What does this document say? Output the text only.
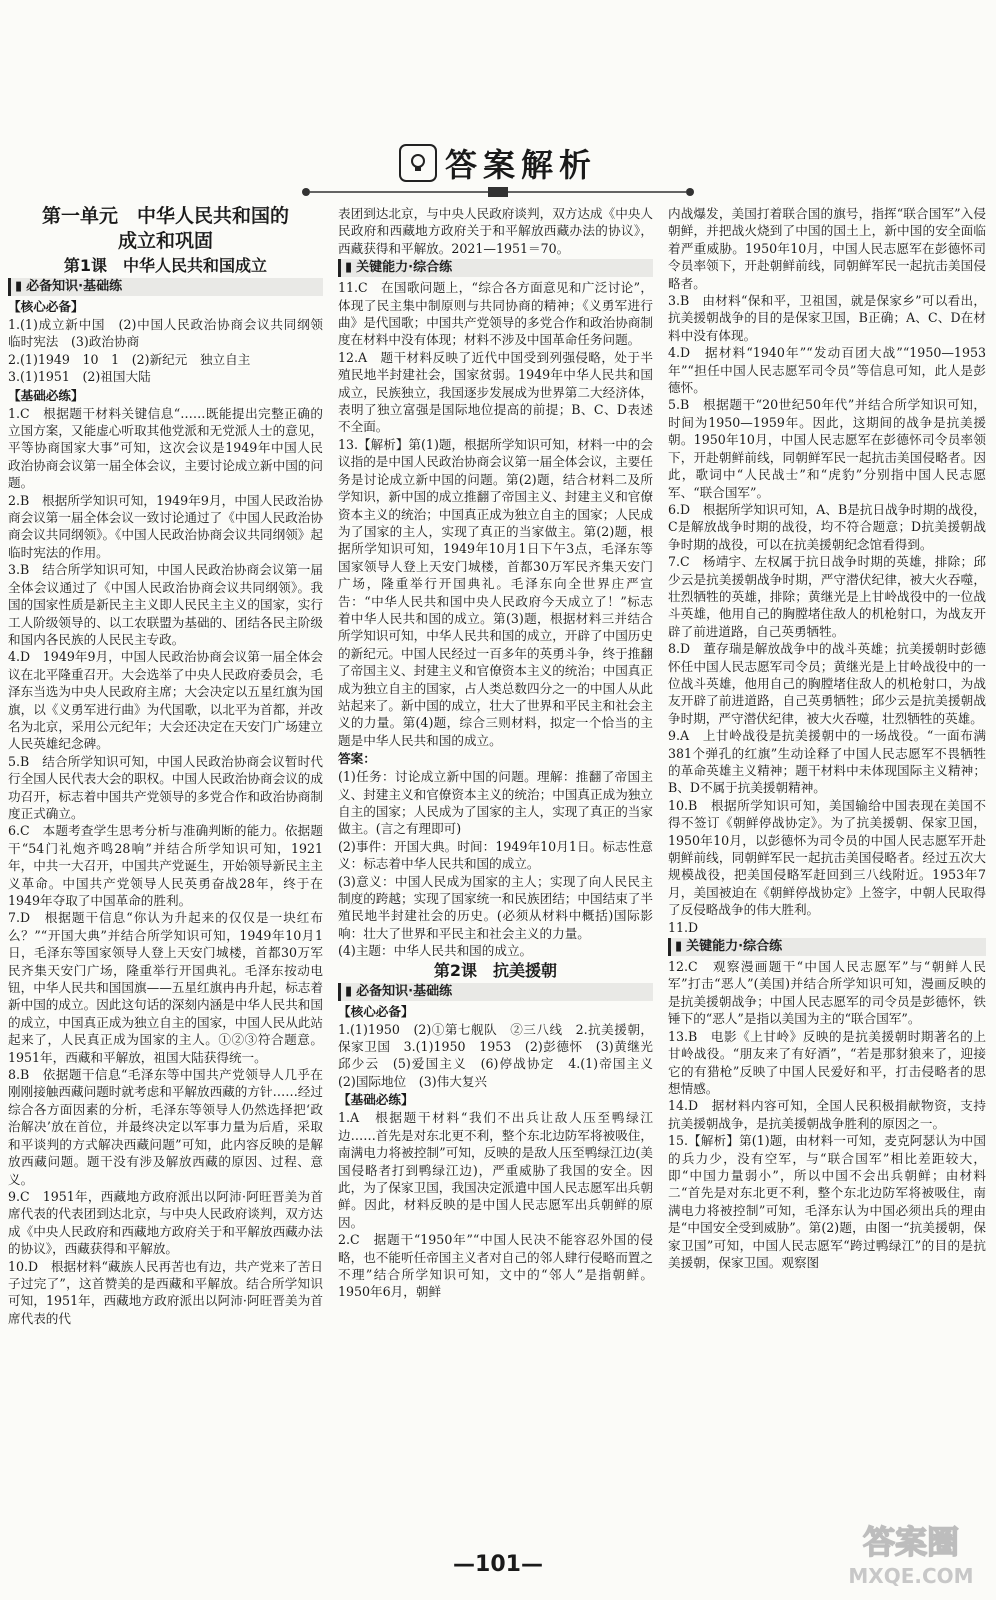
答案解析

第一单元　中华人民共和国的

成立和巩固

第1课　中华人民共和国成立

▮ 必备知识·基础练

【核心必备】

1.(1)成立新中国　(2)中国人民政治协商会议共同纲领　临时宪法　(3)政治协商

2.(1)1949　10　1　(2)新纪元　独立自主

3.(1)1951　(2)祖国大陆

【基础必练】

1.C　根据题干材料关键信息“……既能提出完整正确的立国方案，又能虚心听取其他党派和无党派人士的意见，平等协商国家大事”可知，这次会议是1949年中国人民政治协商会议第一届全体会议，主要讨论成立新中国的问题。

2.B　根据所学知识可知，1949年9月，中国人民政治协商会议第一届全体会议一致讨论通过了《中国人民政治协商会议共同纲领》。《中国人民政治协商会议共同纲领》起临时宪法的作用。

3.B　结合所学知识可知，中国人民政治协商会议第一届全体会议通过了《中国人民政治协商会议共同纲领》。我国的国家性质是新民主主义即人民民主主义的国家，实行工人阶级领导的、以工农联盟为基础的、团结各民主阶级和国内各民族的人民民主专政。

4.D　1949年9月，中国人民政治协商会议第一届全体会议在北平隆重召开。大会选举了中央人民政府委员会，毛泽东当选为中央人民政府主席；大会决定以五星红旗为国旗，以《义勇军进行曲》为代国歌，以北平为首都，并改名为北京，采用公元纪年；大会还决定在天安门广场建立人民英雄纪念碑。

5.B　结合所学知识可知，中国人民政治协商会议暂时代行全国人民代表大会的职权。中国人民政治协商会议的成功召开，标志着中国共产党领导的多党合作和政治协商制度正式确立。

6.C　本题考查学生思考分析与准确判断的能力。依据题干“54门礼炮齐鸣28响”并结合所学知识可知，1921年，中共一大召开，中国共产党诞生，开始领导新民主主义革命。中国共产党领导人民英勇奋战28年，终于在1949年夺取了中国革命的胜利。

7.D　根据题干信息“你认为升起来的仅仅是一块红布么？”“开国大典”并结合所学知识可知，1949年10月1日，毛泽东等国家领导人登上天安门城楼，首都30万军民齐集天安门广场，隆重举行开国典礼。毛泽东按动电钮，中华人民共和国国旗——五星红旗冉冉升起，标志着新中国的成立。因此这句话的深刻内涵是中华人民共和国的成立，中国真正成为独立自主的国家，中国人民从此站起来了，人民真正成为国家的主人。①②③符合题意。1951年，西藏和平解放，祖国大陆获得统一。

8.B　依据题干信息“毛泽东等中国共产党领导人几乎在刚刚接触西藏问题时就考虑和平解放西藏的方针……经过综合各方面因素的分析，毛泽东等领导人仍然选择把‘政治解决’放在首位，并最终决定以军事力量为后盾，采取和平谈判的方式解决西藏问题”可知，此内容反映的是解放西藏问题。题干没有涉及解放西藏的原因、过程、意义。

9.C　1951年，西藏地方政府派出以阿沛·阿旺晋美为首席代表的代表团到达北京，与中央人民政府谈判，双方达成《中央人民政府和西藏地方政府关于和平解放西藏办法的协议》，西藏获得和平解放。

10.D　根据材料“藏族人民再苦也有边，共产党来了苦日子过完了”，这首赞美的是西藏和平解放。结合所学知识可知，1951年，西藏地方政府派出以阿沛·阿旺晋美为首席代表的代

表团到达北京，与中央人民政府谈判，双方达成《中央人民政府和西藏地方政府关于和平解放西藏办法的协议》，西藏获得和平解放。2021—1951＝70。

▮ 关键能力·综合练

11.C　在国歌问题上，“综合各方面意见和广泛讨论”，体现了民主集中制原则与共同协商的精神；《义勇军进行曲》是代国歌；中国共产党领导的多党合作和政治协商制度在材料中没有体现；材料不涉及中国革命任务问题。

12.A　题干材料反映了近代中国受到列强侵略，处于半殖民地半封建社会，国家贫弱。1949年中华人民共和国成立，民族独立，我国逐步发展成为世界第二大经济体，表明了独立富强是国际地位提高的前提；B、C、D表述不全面。

13.【解析】第(1)题，根据所学知识可知，材料一中的会议指的是中国人民政治协商会议第一届全体会议，主要任务是讨论成立新中国的问题。第(2)题，结合材料二及所学知识，新中国的成立推翻了帝国主义、封建主义和官僚资本主义的统治；中国真正成为独立自主的国家；人民成为了国家的主人，实现了真正的当家做主。第(2)题，根据所学知识可知，1949年10月1日下午3点，毛泽东等国家领导人登上天安门城楼，首都30万军民齐集天安门广场，隆重举行开国典礼。毛泽东向全世界庄严宣告：“中华人民共和国中央人民政府今天成立了！”标志着中华人民共和国的成立。第(3)题，根据材料三并结合所学知识可知，中华人民共和国的成立，开辟了中国历史的新纪元。中国人民经过一百多年的英勇斗争，终于推翻了帝国主义、封建主义和官僚资本主义的统治；中国真正成为独立自主的国家，占人类总数四分之一的中国人从此站起来了。新中国的成立，壮大了世界和平民主和社会主义的力量。第(4)题，综合三则材料，拟定一个恰当的主题是中华人民共和国的成立。

答案：

(1)任务：讨论成立新中国的问题。理解：推翻了帝国主义、封建主义和官僚资本主义的统治；中国真正成为独立自主的国家；人民成为了国家的主人，实现了真正的当家做主。(言之有理即可)

(2)事件：开国大典。时间：1949年10月1日。标志性意义：标志着中华人民共和国的成立。

(3)意义：中国人民成为国家的主人；实现了向人民民主制度的跨越；实现了国家统一和民族团结；中国结束了半殖民地半封建社会的历史。(必须从材料中概括)国际影响：壮大了世界和平民主和社会主义的力量。

(4)主题：中华人民共和国的成立。

第2课　抗美援朝

▮ 必备知识·基础练

【核心必备】

1.(1)1950　(2)①第七舰队　②三八线　2.抗美援朝，保家卫国　3.(1)1950　1953　(2)彭德怀　(3)黄继光　邱少云　(5)爱国主义　(6)停战协定　4.(1)帝国主义　(2)国际地位　(3)伟大复兴

【基础必练】

1.A　根据题干材料“我们不出兵让敌人压至鸭绿江边……首先是对东北更不利，整个东北边防军将被吸住，南满电力将被控制”可知，反映的是敌人压至鸭绿江边(美国侵略者打到鸭绿江边)，严重威胁了我国的安全。因此，为了保家卫国，我国决定派遣中国人民志愿军出兵朝鲜。因此，材料反映的是中国人民志愿军出兵朝鲜的原因。

2.C　据题干“1950年”“中国人民决不能容忍外国的侵略，也不能听任帝国主义者对自己的邻人肆行侵略而置之不理”结合所学知识可知，文中的“邻人”是指朝鲜。1950年6月，朝鲜

内战爆发，美国打着联合国的旗号，指挥“联合国军”入侵朝鲜，并把战火烧到了中国的国土上，新中国的安全面临着严重威胁。1950年10月，中国人民志愿军在彭德怀司令员率领下，开赴朝鲜前线，同朝鲜军民一起抗击美国侵略者。

3.B　由材料“保和平，卫祖国，就是保家乡”可以看出，抗美援朝战争的目的是保家卫国，B正确；A、C、D在材料中没有体现。

4.D　据材料“1940年”“发动百团大战”“1950—1953年”“担任中国人民志愿军司令员”等信息可知，此人是彭德怀。

5.B　根据题干“20世纪50年代”并结合所学知识可知，时间为1950—1959年。因此，这期间的战争是抗美援朝。1950年10月，中国人民志愿军在彭德怀司令员率领下，开赴朝鲜前线，同朝鲜军民一起抗击美国侵略者。因此，歌词中“人民战士”和“虎豹”分别指中国人民志愿军、“联合国军”。

6.D　根据所学知识可知，A、B是抗日战争时期的战役，C是解放战争时期的战役，均不符合题意；D抗美援朝战争时期的战役，可以在抗美援朝纪念馆看得到。

7.C　杨靖宇、左权属于抗日战争时期的英雄，排除；邱少云是抗美援朝战争时期，严守潜伏纪律，被大火吞噬，壮烈牺牲的英雄，排除；黄继光是上甘岭战役中的一位战斗英雄，他用自己的胸膛堵住敌人的机枪射口，为战友开辟了前进道路，自己英勇牺牲。

8.D　董存瑞是解放战争中的战斗英雄；抗美援朝时彭德怀任中国人民志愿军司令员；黄继光是上甘岭战役中的一位战斗英雄，他用自己的胸膛堵住敌人的机枪射口，为战友开辟了前进道路，自己英勇牺牲；邱少云是抗美援朝战争时期，严守潜伏纪律，被大火吞噬，壮烈牺牲的英雄。

9.A　上甘岭战役是抗美援朝中的一场战役。“一面布满381个弹孔的红旗”生动诠释了中国人民志愿军不畏牺牲的革命英雄主义精神；题干材料中未体现国际主义精神；B、D不属于抗美援朝精神。

10.B　根据所学知识可知，美国输给中国表现在美国不得不签订《朝鲜停战协定》。为了抗美援朝、保家卫国，1950年10月，以彭德怀为司令员的中国人民志愿军开赴朝鲜前线，同朝鲜军民一起抗击美国侵略者。经过五次大规模战役，把美国侵略军赶回到三八线附近。1953年7月，美国被迫在《朝鲜停战协定》上签字，中朝人民取得了反侵略战争的伟大胜利。

11.D

▮ 关键能力·综合练

12.C　观察漫画题干“中国人民志愿军”与“朝鲜人民军”打击“恶人”(美国)并结合所学知识可知，漫画反映的是抗美援朝战争；中国人民志愿军的司令员是彭德怀，铁锤下的“恶人”是指以美国为主的“联合国军”。

13.B　电影《上甘岭》反映的是抗美援朝时期著名的上甘岭战役。“朋友来了有好酒”，“若是那豺狼来了，迎接它的有猎枪”反映了中国人民爱好和平，打击侵略者的思想情感。

14.D　据材料内容可知，全国人民积极捐献物资，支持抗美援朝战争，是抗美援朝战争胜利的原因之一。

15.【解析】第(1)题，由材料一可知，麦克阿瑟认为中国的兵力少，没有空军，与“联合国军”相比差距较大，即“中国力量弱小”，所以中国不会出兵朝鲜；由材料二“首先是对东北更不利，整个东北边防军将被吸住，南满电力将被控制”可知，毛泽东认为中国必须出兵的理由是“中国安全受到威胁”。第(2)题，由图一“抗美援朝，保家卫国”可知，中国人民志愿军“跨过鸭绿江”的目的是抗美援朝，保家卫国。观察图

—101—
答案圈
MXQE.COM
